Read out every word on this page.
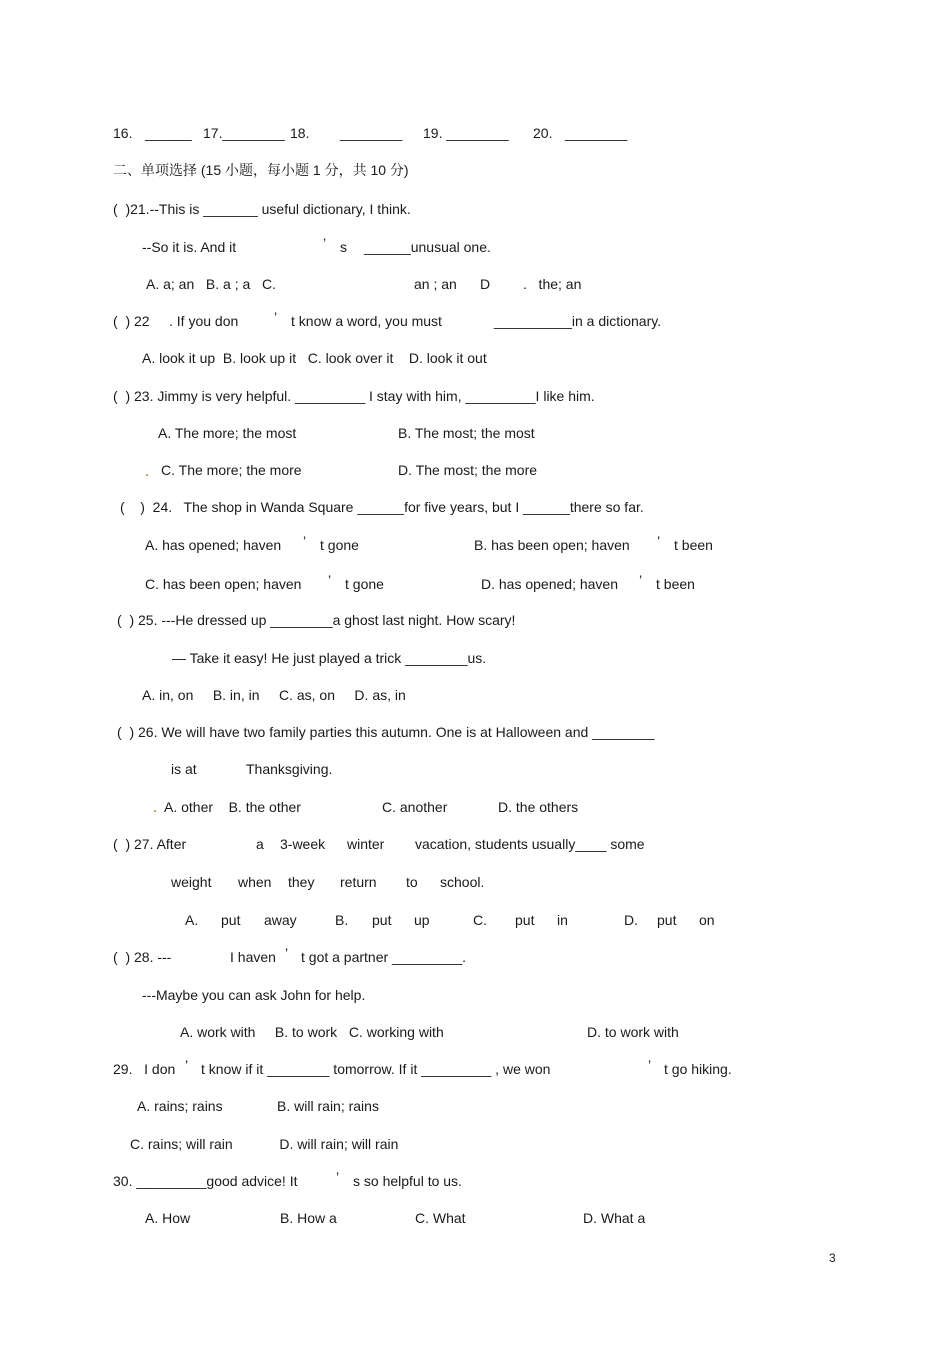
16. ______ 17.________ 18. ________ 19. ________ 20. ________
二、单项选择 (15 小题，每小题 1 分，共 10 分)
(  )21.--This is _______ useful dictionary, I think.
--So it is. And it	’ s ______unusual one.
A. a; an   B. a ; a   C.	an ; an D .   the; an
(  ) 22     . If you don	’ t know a word, you must	__________in a dictionary.
A. look it up  B. look up it   C. look over it    D. look it out
(  ) 23. Jimmy is very helpful. _________ I stay with him, _________I like him.
A. The more; the most	B. The most; the most
C. The more; the more	D. The most; the more
(    )  24.   The shop in Wanda Square ______for five years, but I ______there so far.
A. has opened; haven ’ t gone	B. has been open; haven ’ t been
C. has been open; haven ’ t gone	D. has opened; haven ’ t been
(  ) 25. ---He dressed up ________a ghost last night. How scary!
— Take it easy! He just played a trick ________us.
A. in, on     B. in, in     C. as, on     D. as, in
(  ) 26. We will have two family parties this autumn. One is at Halloween and ________
is at	Thanksgiving.
A. other    B. the other	C. another	D. the others
(  ) 27. After	a 3-week winter vacation, students usually____ some
weight when they return to school.
A. put away	B. put up	C. put in	D. put on
(  ) 28. ---	I haven ’ t got a partner _________.
---Maybe you can ask John for help.
A. work with     B. to work   C. working with	D. to work with
29.   I don ’ t know if it ________ tomorrow. If it _________ , we won	’ t go hiking.
A. rains; rains              B. will rain; rains
C. rains; will rain            D. will rain; will rain
30. _________good advice! It	’ s so helpful to us.
A. How	B. How a	C. What	D. What a
3
